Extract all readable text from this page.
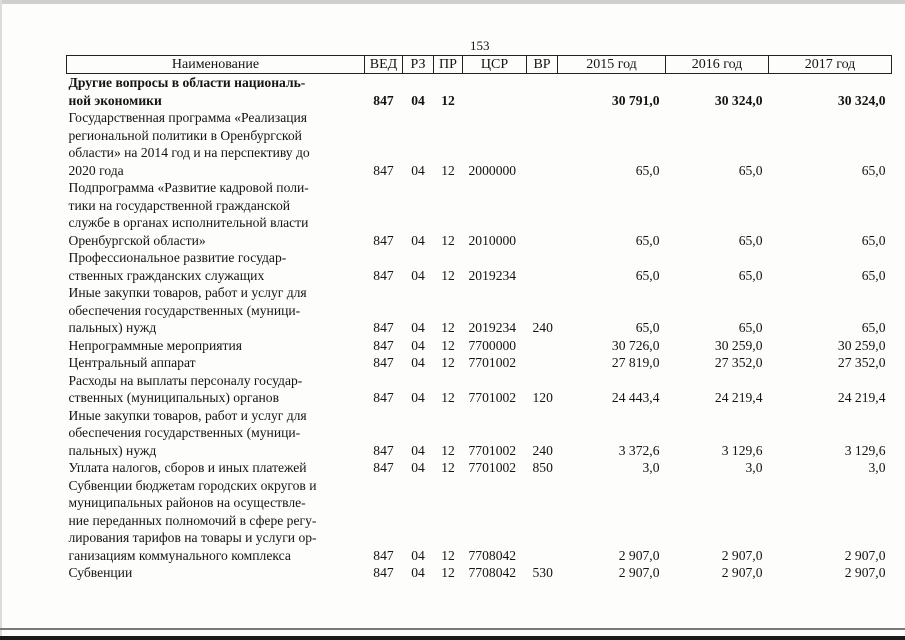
153
Наименование	ВЕД	РЗ	ПР	ЦСР	ВР	2015 год	2016 год	2017 год

Другие вопросы в области националь-
ной экономики	847	04	12			30 791,0	30 324,0	30 324,0

Государственная программа «Реализация
региональной политики в Оренбургской
области» на 2014 год и на перспективу до
2020 года	847	04	12	2000000		65,0	65,0	65,0

Подпрограмма «Развитие кадровой поли-
тики на государственной гражданской
службе в органах исполнительной власти
Оренбургской области»	847	04	12	2010000		65,0	65,0	65,0

Профессиональное развитие государ-
ственных гражданских служащих	847	04	12	2019234		65,0	65,0	65,0

Иные закупки товаров, работ и услуг для
обеспечения государственных (муници-
пальных) нужд	847	04	12	2019234	240	65,0	65,0	65,0

Непрограммные мероприятия	847	04	12	7700000		30 726,0	30 259,0	30 259,0

Центральный аппарат	847	04	12	7701002		27 819,0	27 352,0	27 352,0

Расходы на выплаты персоналу государ-
ственных (муниципальных) органов	847	04	12	7701002	120	24 443,4	24 219,4	24 219,4

Иные закупки товаров, работ и услуг для
обеспечения государственных (муници-
пальных) нужд	847	04	12	7701002	240	3 372,6	3 129,6	3 129,6

Уплата налогов, сборов и иных платежей	847	04	12	7701002	850	3,0	3,0	3,0

Субвенции бюджетам городских округов и
муниципальных районов на осуществле-
ние переданных полномочий в сфере регу-
лирования тарифов на товары и услуги ор-
ганизациям коммунального комплекса	847	04	12	7708042		2 907,0	2 907,0	2 907,0

Субвенции	847	04	12	7708042	530	2 907,0	2 907,0	2 907,0
